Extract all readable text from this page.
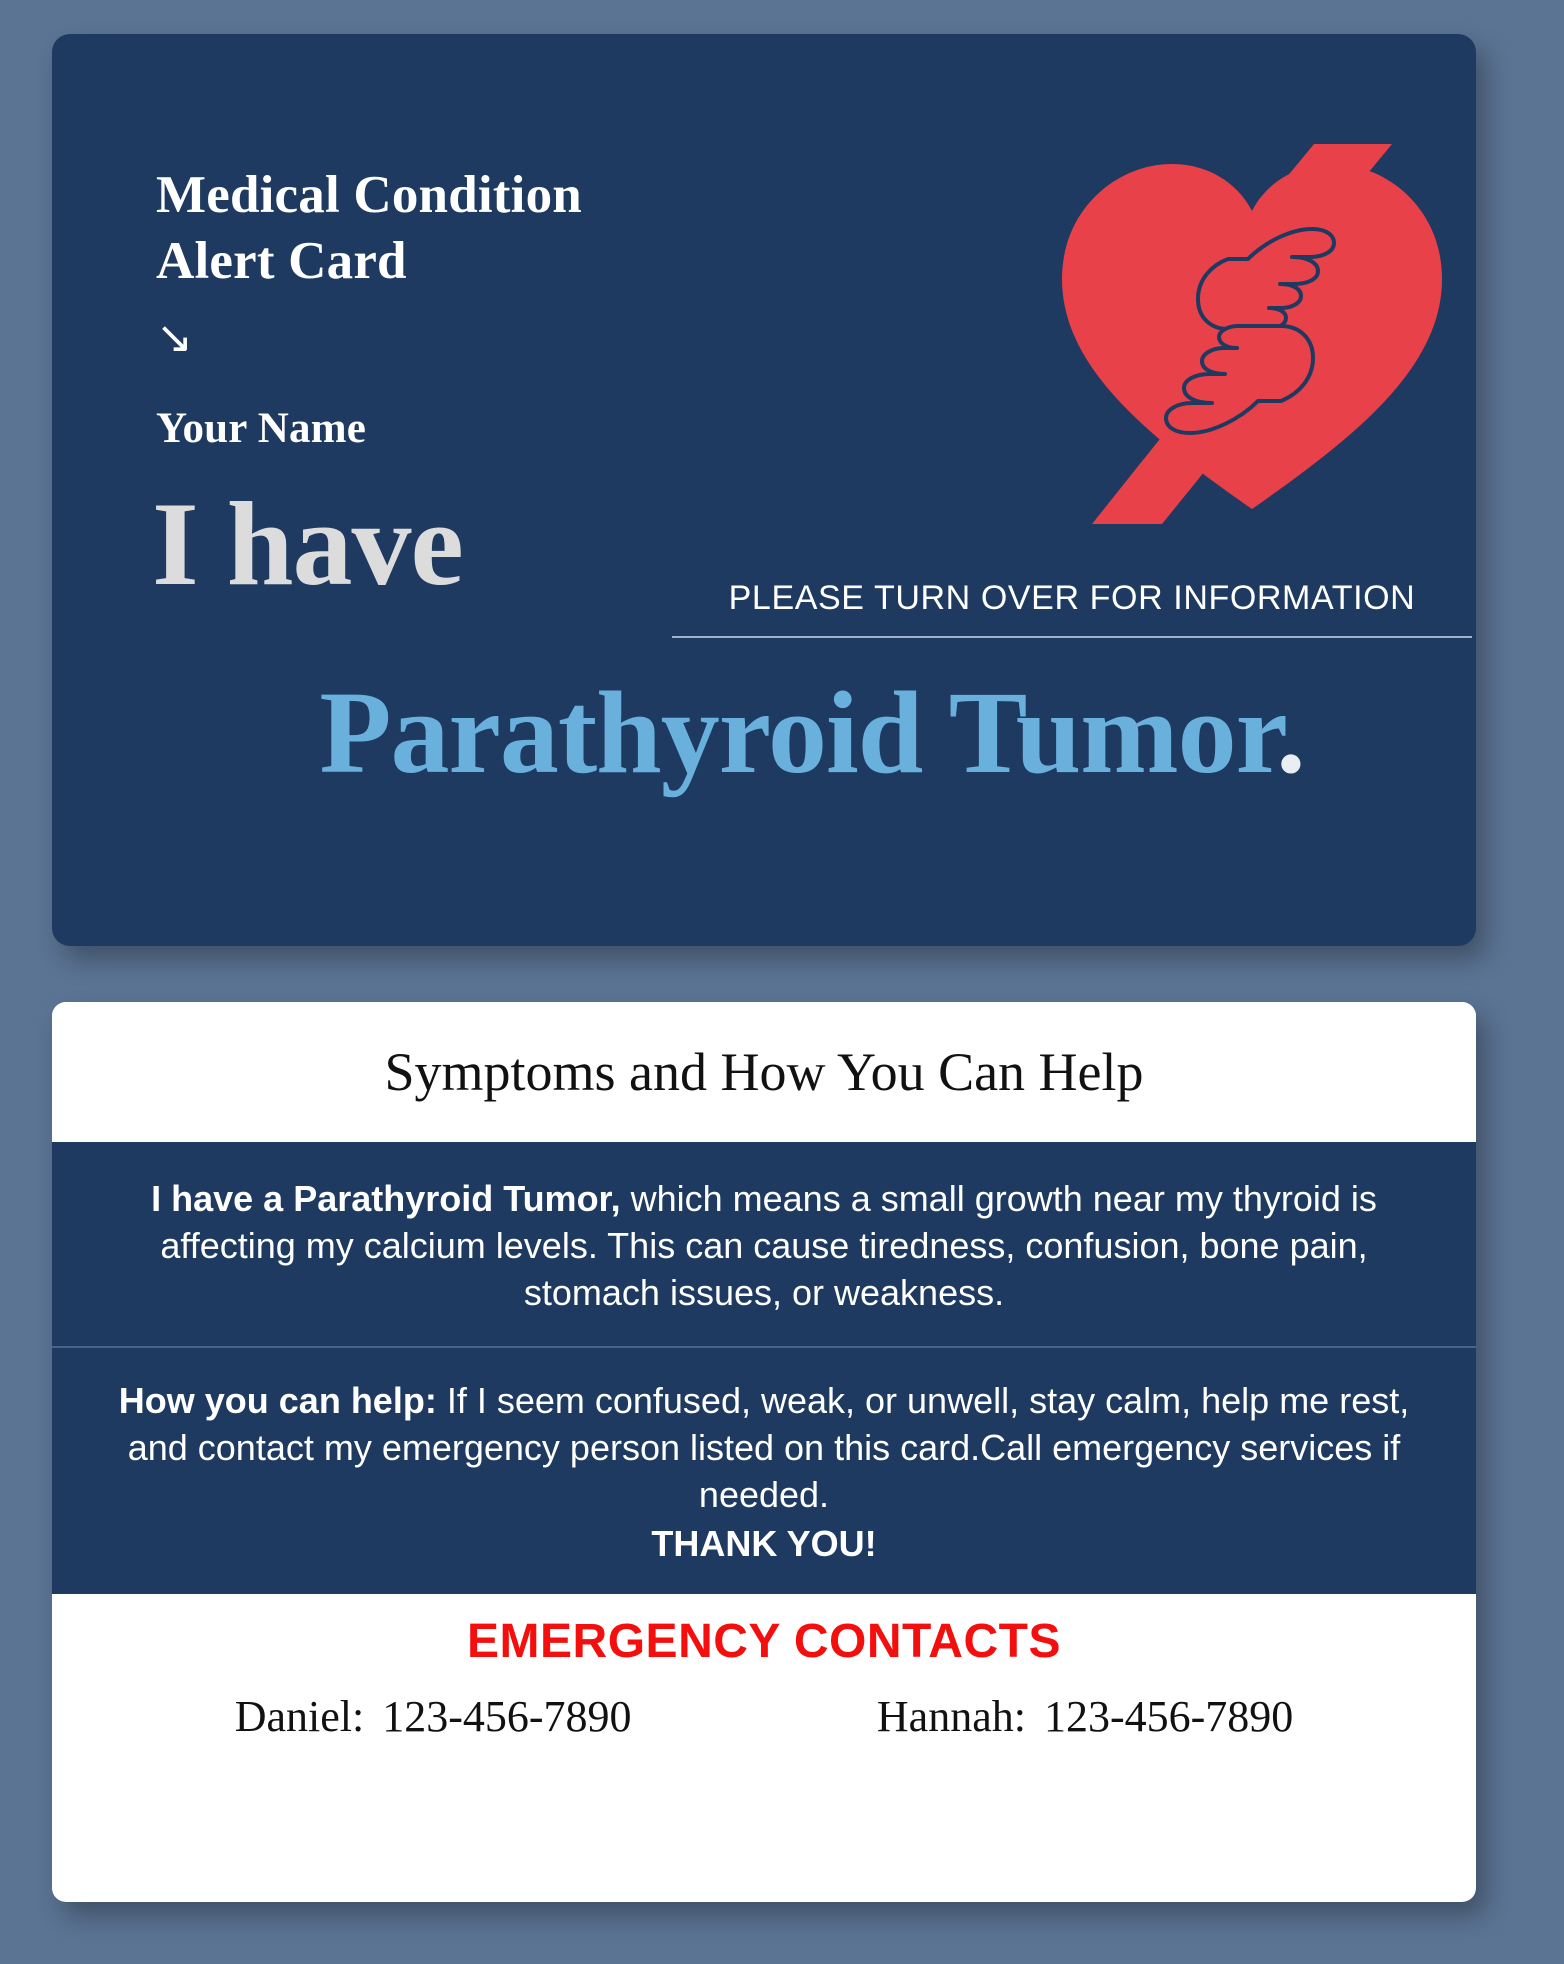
Medical Condition
Alert Card
↘
Your Name
I have	PLEASE TURN OVER FOR INFORMATION
Parathyroid Tumor.
Symptoms and How You Can Help
I have a Parathyroid Tumor, which means a small growth near my thyroid is affecting my calcium levels. This can cause tiredness, confusion, bone pain, stomach issues, or weakness.
How you can help: If I seem confused, weak, or unwell, stay calm, help me rest, and contact my emergency person listed on this card.Call emergency services if needed.
THANK YOU!
EMERGENCY CONTACTS
Daniel: 123-456-7890	Hannah: 123-456-7890
